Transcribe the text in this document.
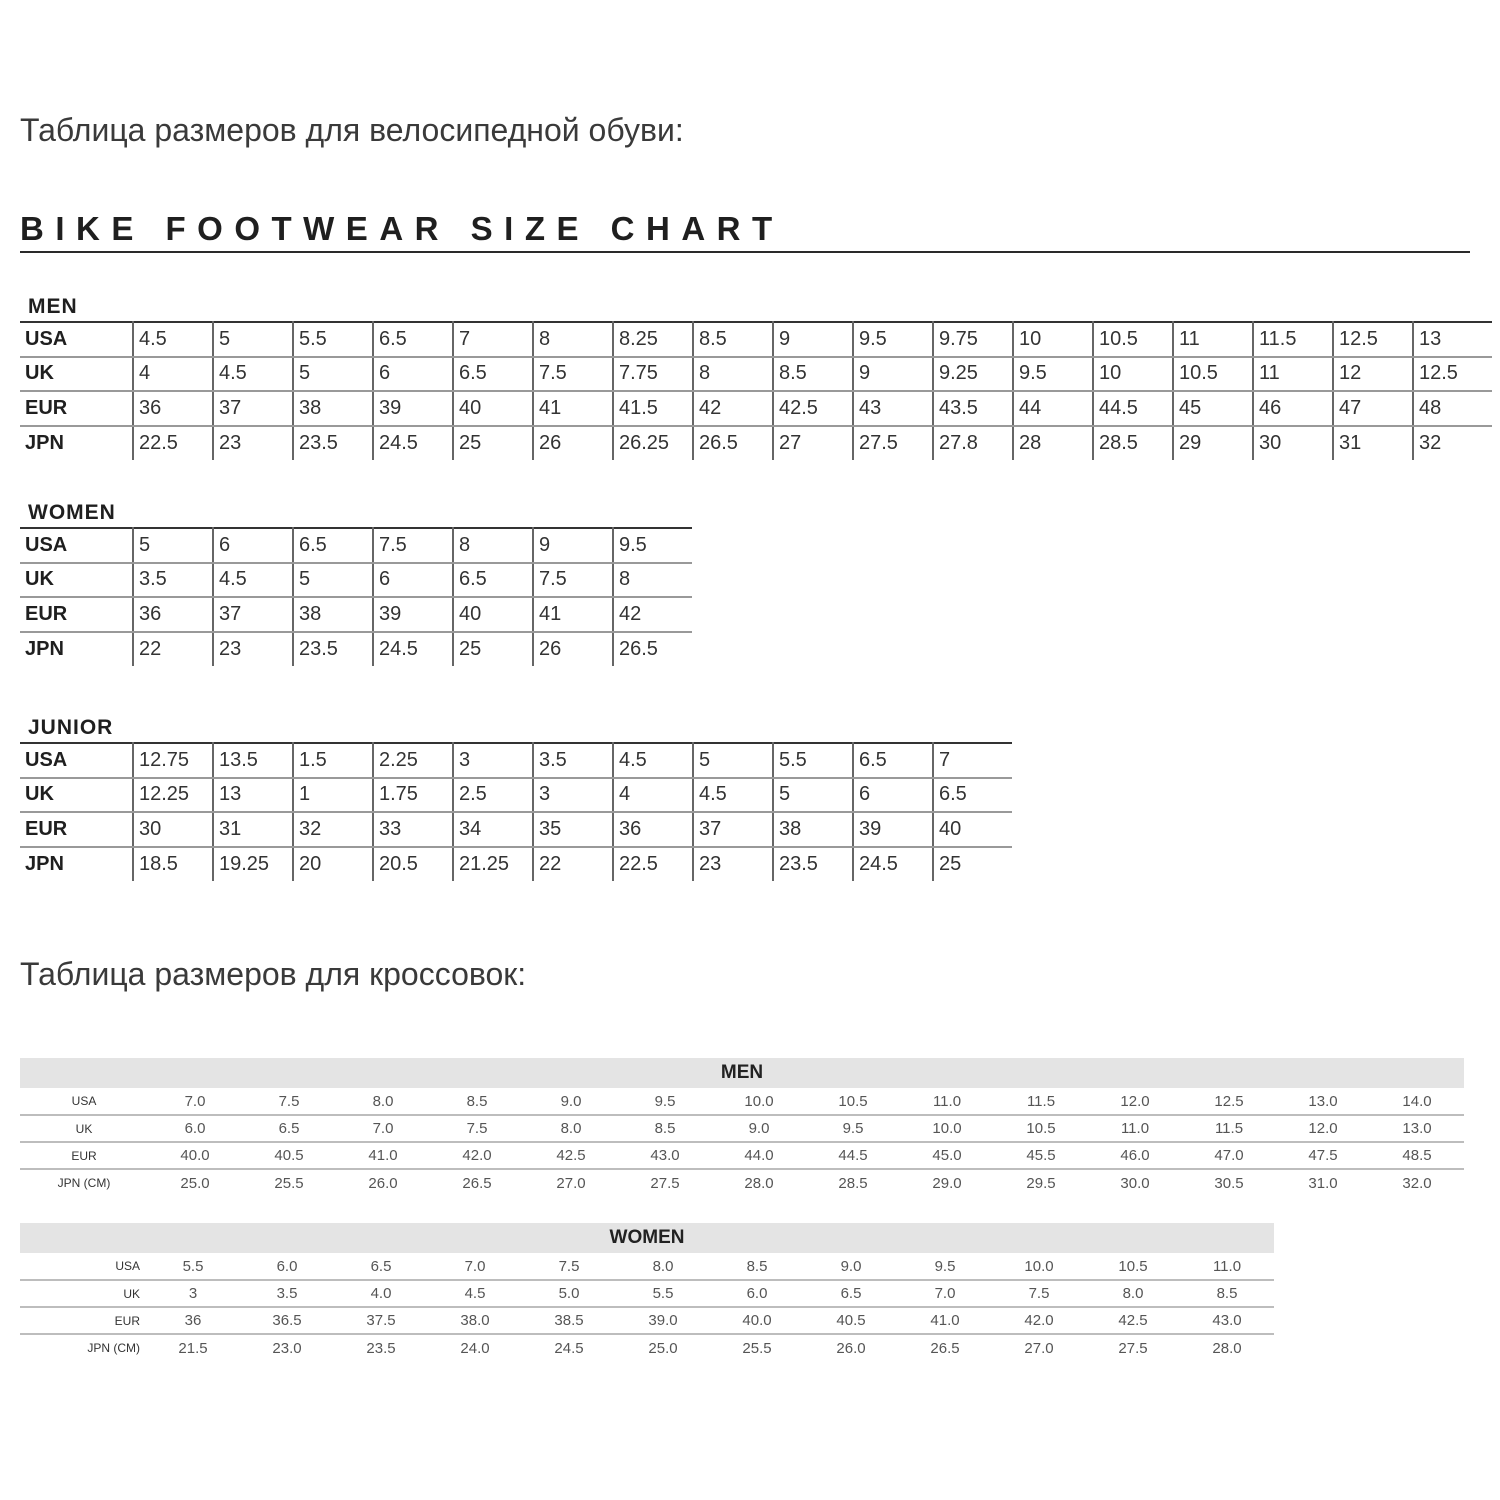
Таблица размеров для велосипедной обуви:
BIKE FOOTWEAR SIZE CHART
MEN
USA	4.5	5	5.5	6.5	7	8	8.25	8.5	9	9.5	9.75	10	10.5	11	11.5	12.5	13
UK	4	4.5	5	6	6.5	7.5	7.75	8	8.5	9	9.25	9.5	10	10.5	11	12	12.5
EUR	36	37	38	39	40	41	41.5	42	42.5	43	43.5	44	44.5	45	46	47	48
JPN	22.5	23	23.5	24.5	25	26	26.25	26.5	27	27.5	27.8	28	28.5	29	30	31	32
WOMEN
USA	5	6	6.5	7.5	8	9	9.5
UK	3.5	4.5	5	6	6.5	7.5	8
EUR	36	37	38	39	40	41	42
JPN	22	23	23.5	24.5	25	26	26.5
JUNIOR
USA	12.75	13.5	1.5	2.25	3	3.5	4.5	5	5.5	6.5	7
UK	12.25	13	1	1.75	2.5	3	4	4.5	5	6	6.5
EUR	30	31	32	33	34	35	36	37	38	39	40
JPN	18.5	19.25	20	20.5	21.25	22	22.5	23	23.5	24.5	25
Таблица размеров для кроссовок:
MEN														
USA	7.0	7.5	8.0	8.5	9.0	9.5	10.0	10.5	11.0	11.5	12.0	12.5	13.0	14.0
UK	6.0	6.5	7.0	7.5	8.0	8.5	9.0	9.5	10.0	10.5	11.0	11.5	12.0	13.0
EUR	40.0	40.5	41.0	42.0	42.5	43.0	44.0	44.5	45.0	45.5	46.0	47.0	47.5	48.5
JPN (CM)	25.0	25.5	26.0	26.5	27.0	27.5	28.0	28.5	29.0	29.5	30.0	30.5	31.0	32.0
WOMEN												
USA	5.5	6.0	6.5	7.0	7.5	8.0	8.5	9.0	9.5	10.0	10.5	11.0
UK	3	3.5	4.0	4.5	5.0	5.5	6.0	6.5	7.0	7.5	8.0	8.5
EUR	36	36.5	37.5	38.0	38.5	39.0	40.0	40.5	41.0	42.0	42.5	43.0
JPN (CM)	21.5	23.0	23.5	24.0	24.5	25.0	25.5	26.0	26.5	27.0	27.5	28.0
